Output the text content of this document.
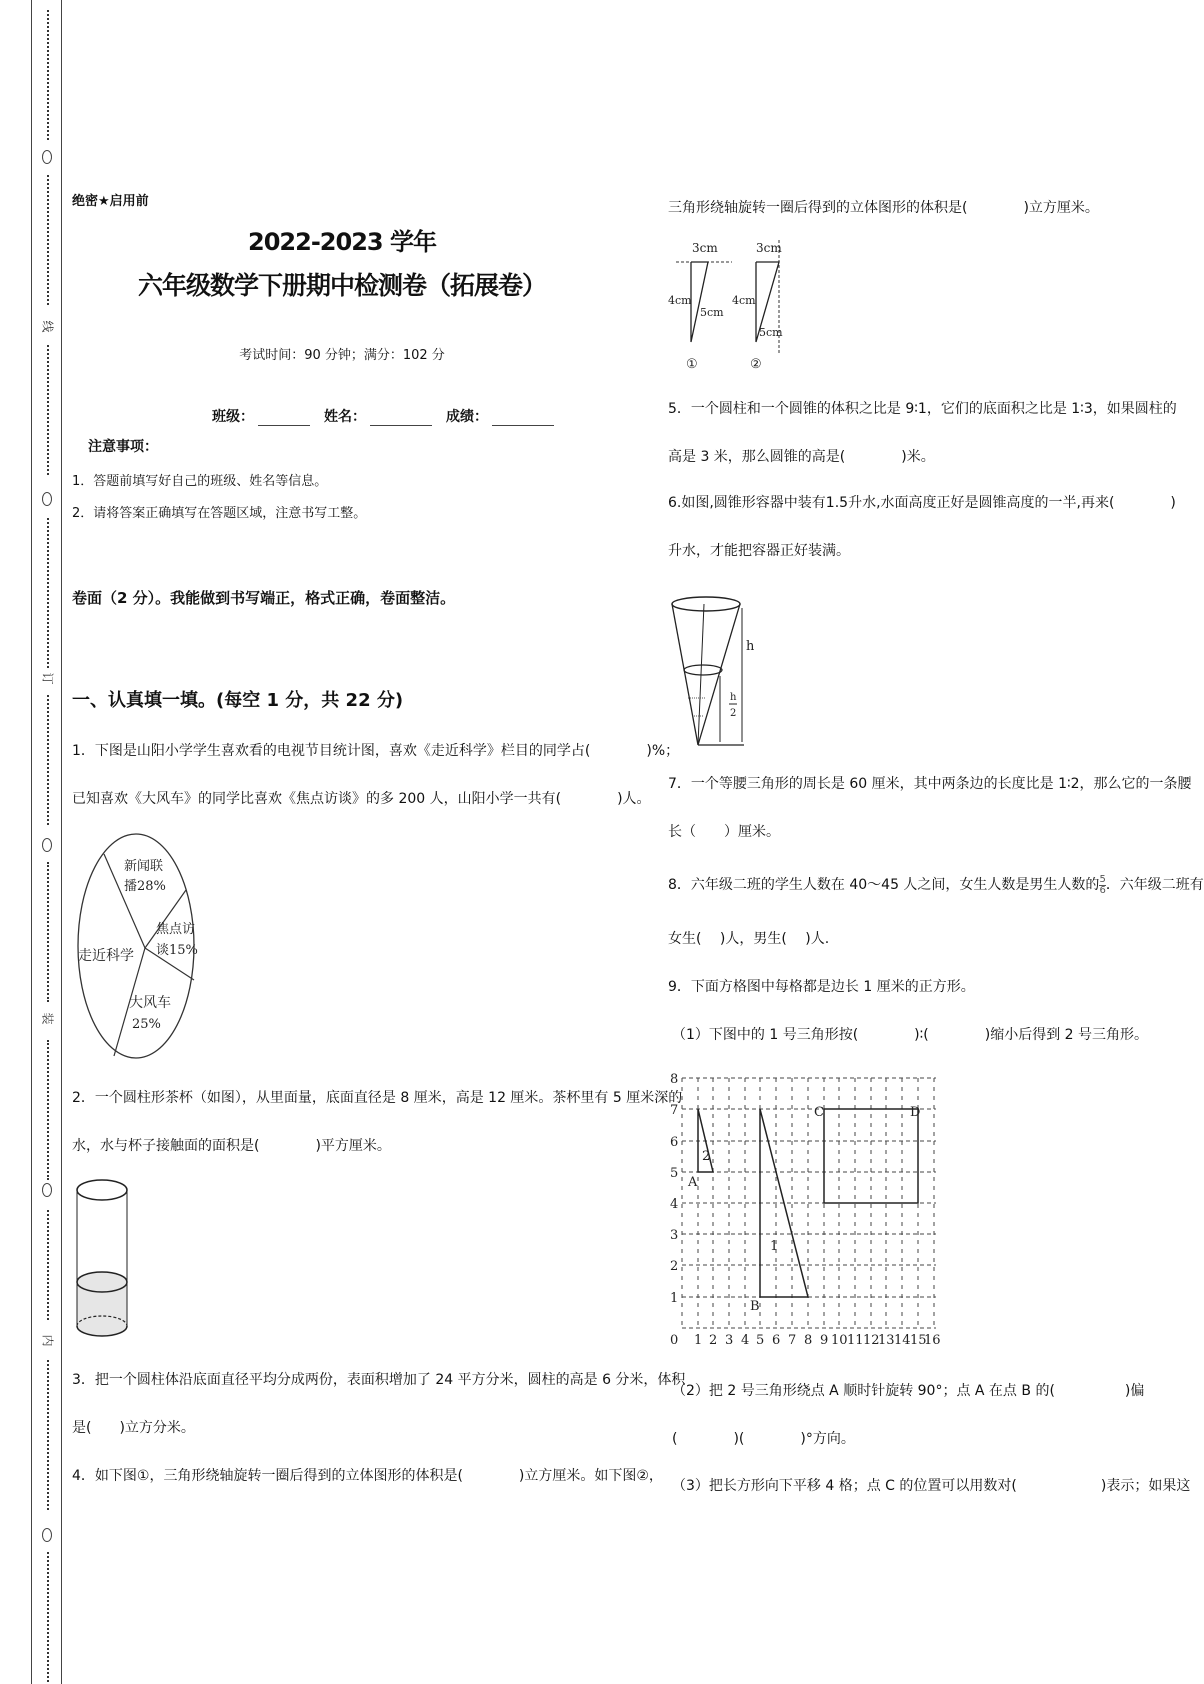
线
订
装
内
绝密★启用前
2022-2023 学年
六年级数学下册期中检测卷（拓展卷）
考试时间：90 分钟；满分：102 分
班级：	姓名：	成绩：
注意事项：
1．答题前填写好自己的班级、姓名等信息。
2．请将答案正确填写在答题区域，注意书写工整。
卷面（2 分）。我能做到书写端正，格式正确，卷面整洁。
一、认真填一填。(每空 1 分，共 22 分)
1．下图是山阳小学学生喜欢看的电视节目统计图，喜欢《走近科学》栏目的同学占(　　　　)%；
已知喜欢《大风车》的同学比喜欢《焦点访谈》的多 200 人，山阳小学一共有(　　　　)人。
新闻联
播28%
焦点访
谈15%
走近科学
大风车
25%
2．一个圆柱形茶杯（如图），从里面量，底面直径是 8 厘米，高是 12 厘米。茶杯里有 5 厘米深的
水，水与杯子接触面的面积是(　　　　)平方厘米。
3．把一个圆柱体沿底面直径平均分成两份，表面积增加了 24 平方分米，圆柱的高是 6 分米，体积
是(　　)立方分米。
4．如下图①，三角形绕轴旋转一圈后得到的立体图形的体积是(　　　　)立方厘米。如下图②，
三角形绕轴旋转一圈后得到的立体图形的体积是(　　　　)立方厘米。
3cm
4cm
5cm
①
3cm
4cm
5cm
②
5．一个圆柱和一个圆锥的体积之比是 9∶1，它们的底面积之比是 1∶3，如果圆柱的
高是 3 米，那么圆锥的高是(　　　　)米。
6.如图,圆锥形容器中装有1.5升水,水面高度正好是圆锥高度的一半,再来(　　　　)
升水，才能把容器正好装满。
h
h
2
7．一个等腰三角形的周长是 60 厘米，其中两条边的长度比是 1∶2，那么它的一条腰
长（　　）厘米。
8．六年级二班的学生人数在 40～45 人之间，女生人数是男生人数的 $\frac{5}{6}$ ．六年级二班有
女生(　 )人，男生(　 )人.
9．下面方格图中每格都是边长 1 厘米的正方形。
（1）下图中的 1 号三角形按(　　　　)∶(　　　　)缩小后得到 2 号三角形。
8
7
6
5
4
3
2
1
0 1 2 3 4 5 6 7 8 9 10 11 12
13 14 15
16
A
B
C	D
2
1
（2）把 2 号三角形绕点 A 顺时针旋转 90°；点 A 在点 B 的(　　　　　)偏
(　　　　)(　　　　)°方向。
（3）把长方形向下平移 4 格；点 C 的位置可以用数对(　　　　　　)表示；如果这
